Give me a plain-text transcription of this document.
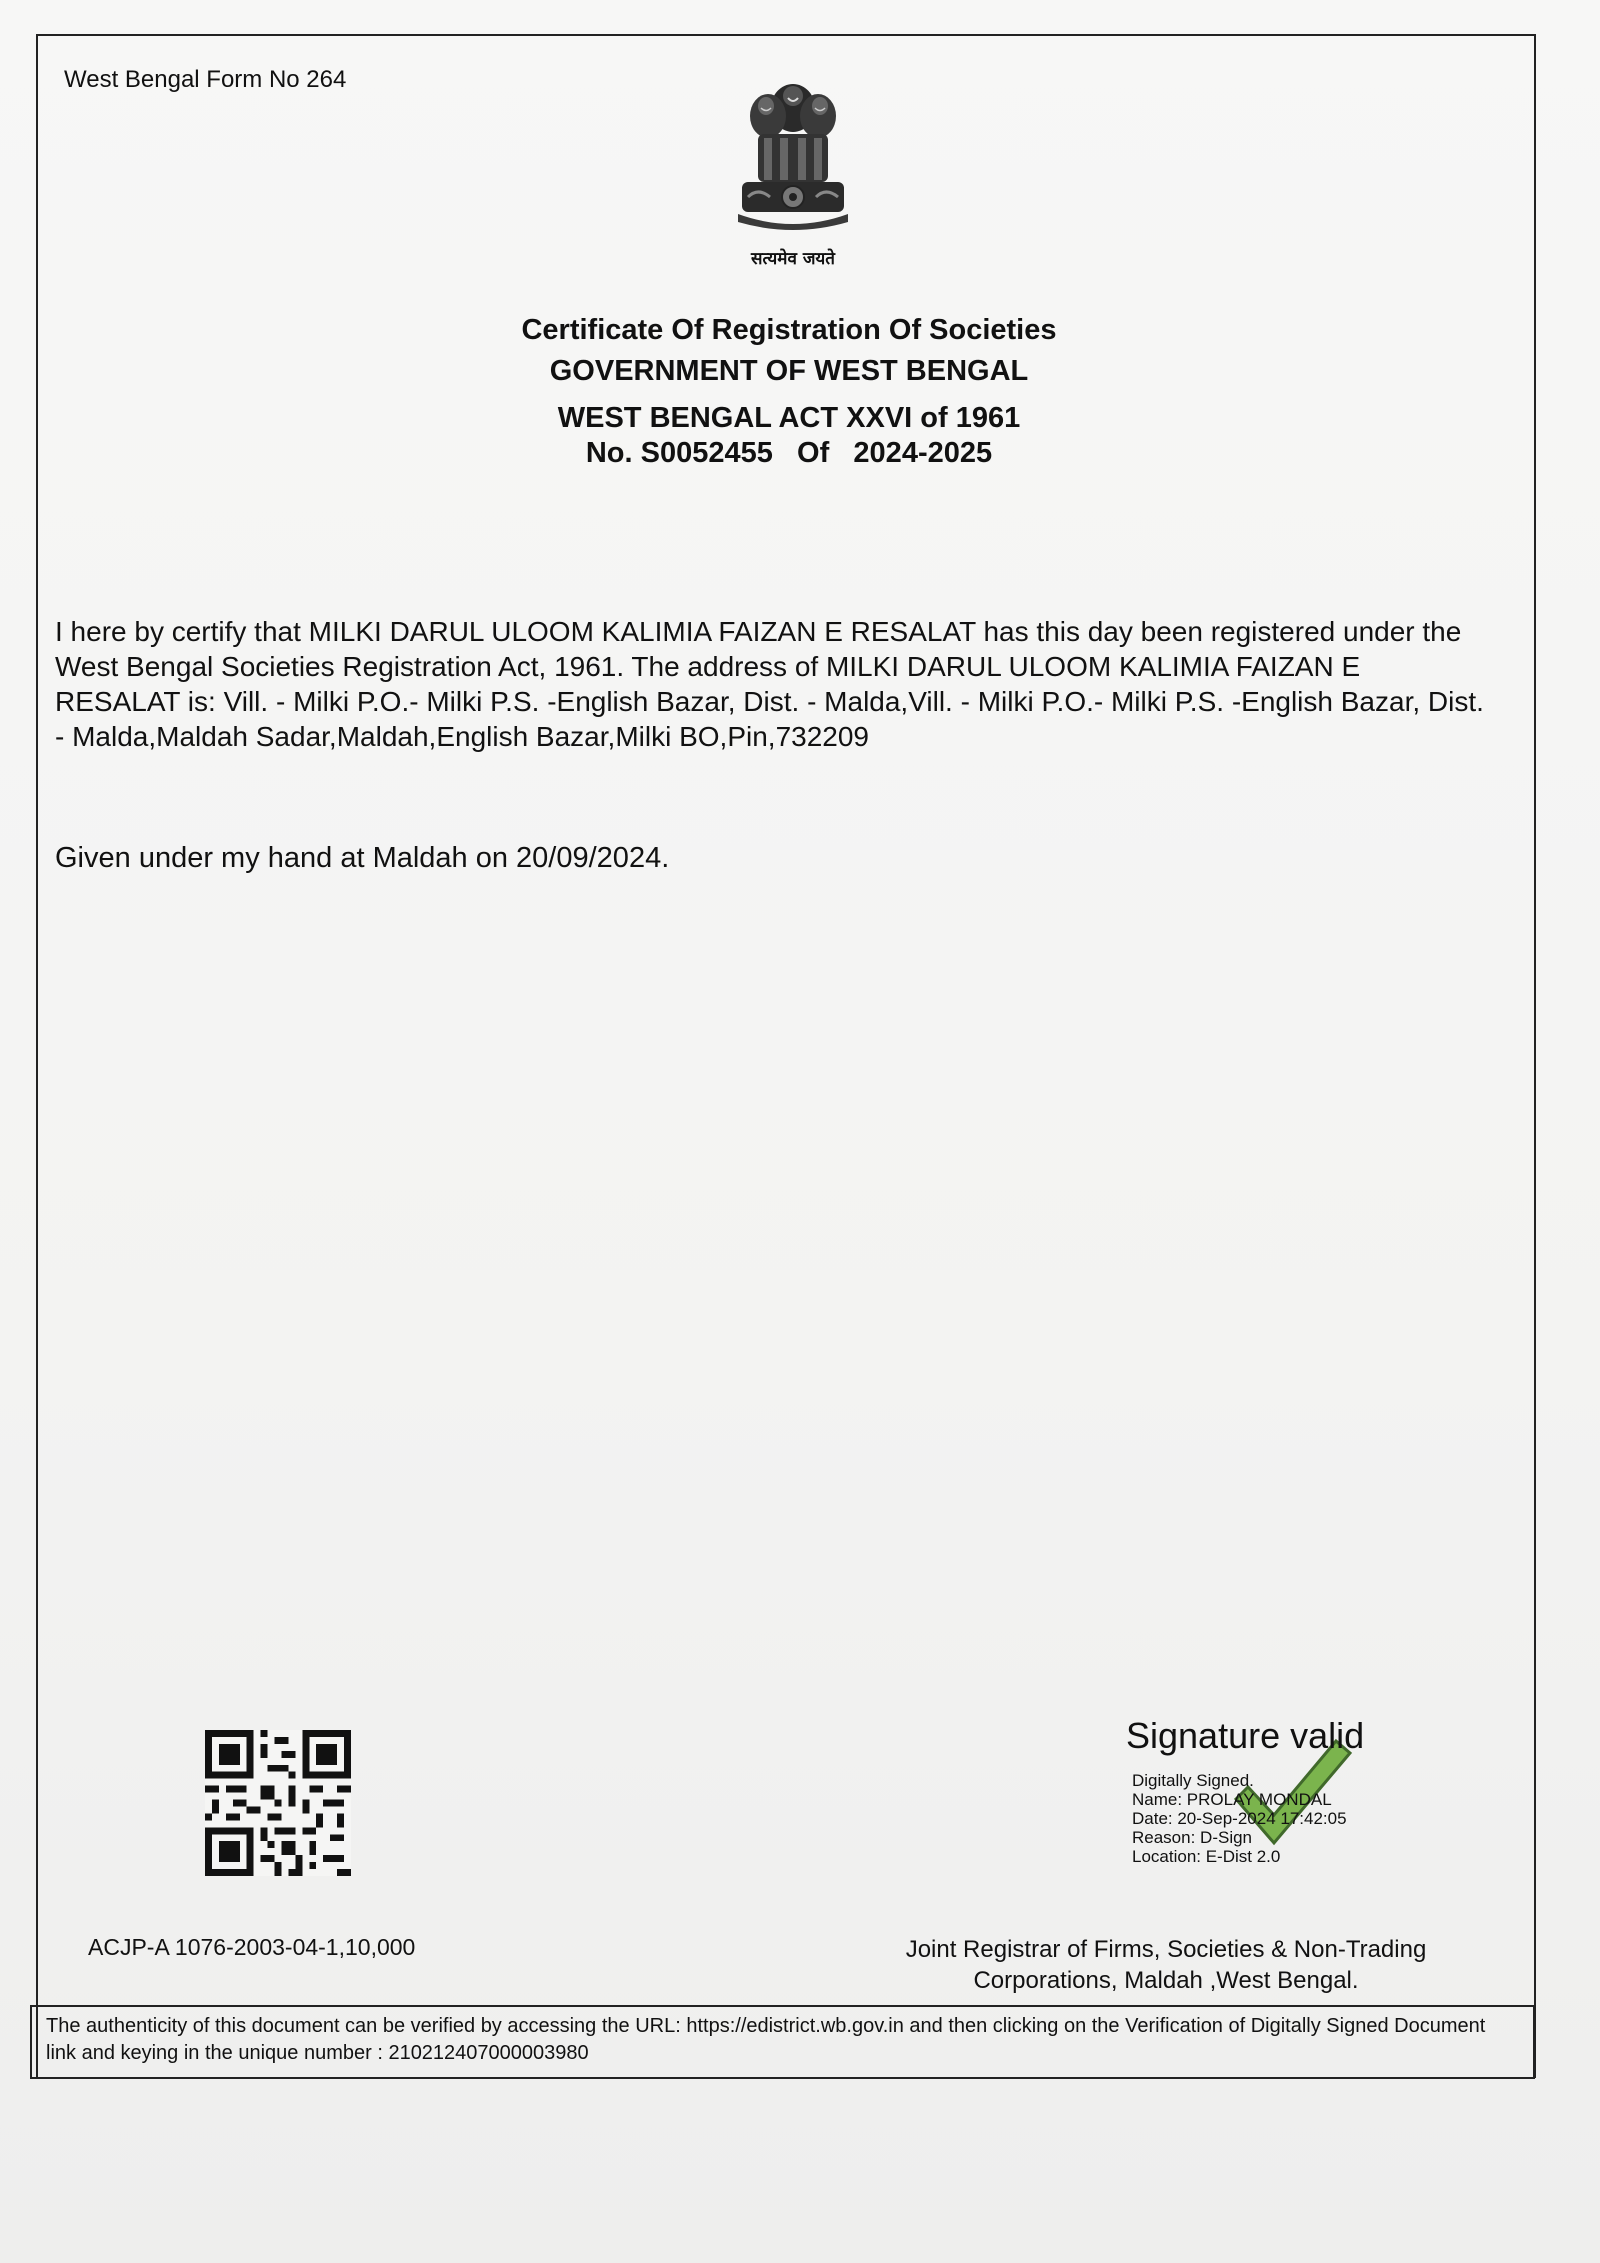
West Bengal Form No 264
सत्यमेव जयते
Certificate Of Registration Of Societies
GOVERNMENT OF WEST BENGAL
WEST BENGAL ACT XXVI of 1961
No. S0052455   Of   2024-2025
I here by certify that MILKI DARUL ULOOM KALIMIA FAIZAN E RESALAT has this day been registered under the West Bengal Societies Registration Act, 1961. The address of MILKI DARUL ULOOM KALIMIA FAIZAN E RESALAT is: Vill. - Milki P.O.- Milki P.S. -English Bazar, Dist. - Malda,Vill. - Milki P.O.- Milki P.S. -English Bazar, Dist. - Malda,Maldah Sadar,Maldah,English Bazar,Milki BO,Pin,732209
Given under my hand at Maldah on 20/09/2024.
Signature valid
Digitally Signed.
Name: PROLAY MONDAL
Date: 20-Sep-2024 17:42:05
Reason: D-Sign
Location: E-Dist 2.0
ACJP-A 1076-2003-04-1,10,000	Joint Registrar of Firms, Societies & Non-Trading
Corporations, Maldah ,West Bengal.
The authenticity of this document can be verified by accessing the URL: https://edistrict.wb.gov.in and then clicking on the Verification of Digitally Signed Document link and keying in the unique number : 210212407000003980
